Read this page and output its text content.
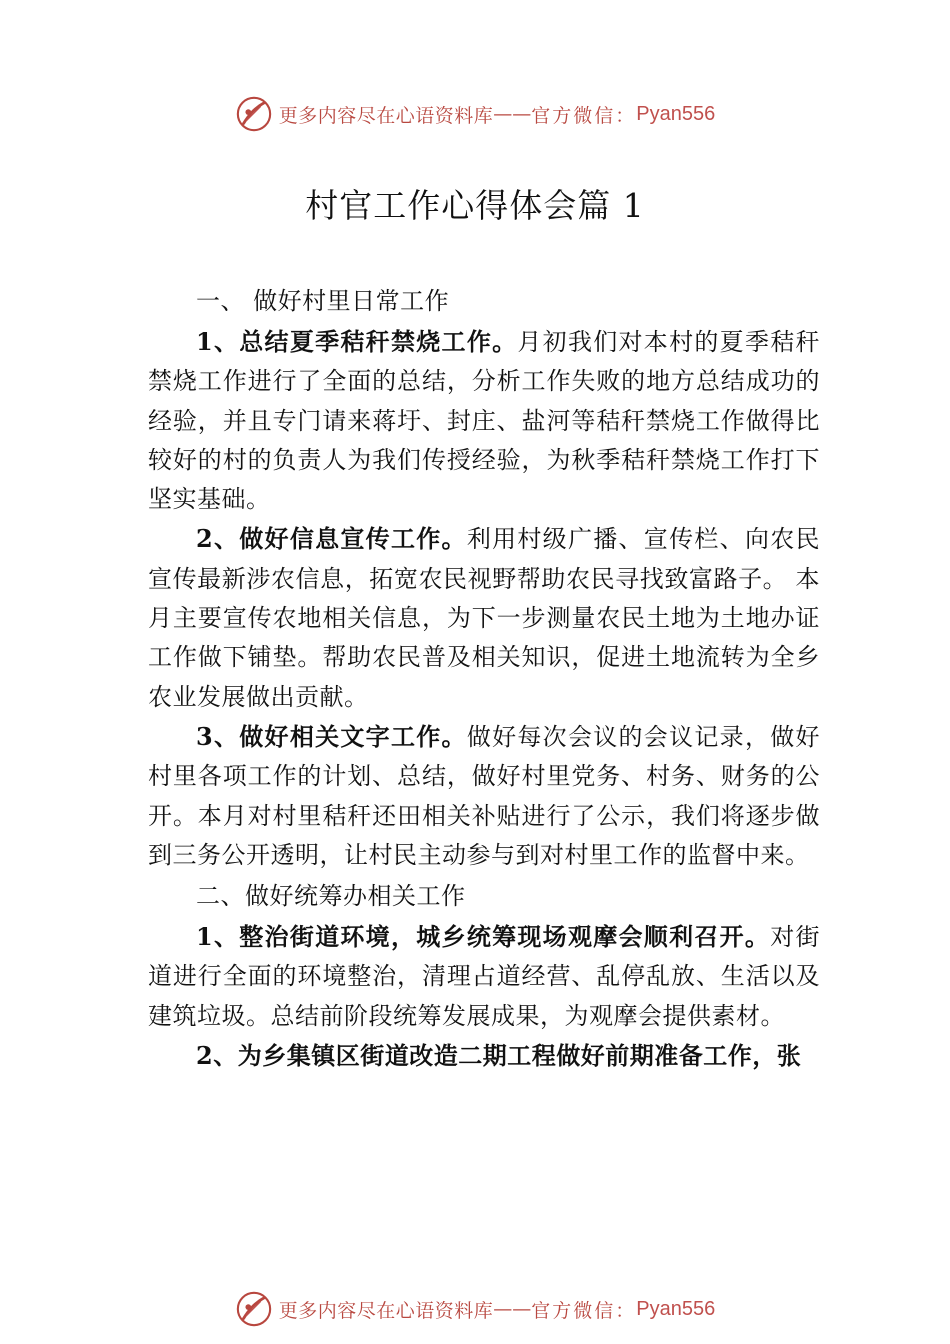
更多内容尽在心语资料库 —— 官方微信： Pyan556
村官工作心得体会篇 1

一、 做好村里日常工作

1、总结夏季秸秆禁烧工作。月初我们对本村的夏季秸秆禁烧工作进行了全面的总结，分析工作失败的地方总结成功的经验，并且专门请来蒋圩、封庄、盐河等秸秆禁烧工作做得比较好的村的负责人为我们传授经验，为秋季秸秆禁烧工作打下坚实基础。

2、做好信息宣传工作。利用村级广播、宣传栏、向农民宣传最新涉农信息，拓宽农民视野帮助农民寻找致富路子。 本月主要宣传农地相关信息，为下一步测量农民土地为土地办证工作做下铺垫。帮助农民普及相关知识，促进土地流转为全乡农业发展做出贡献。

3、做好相关文字工作。做好每次会议的会议记录，做好村里各项工作的计划、总结，做好村里党务、村务、财务的公开。本月对村里秸秆还田相关补贴进行了公示，我们将逐步做到三务公开透明，让村民主动参与到对村里工作的监督中来。

二、做好统筹办相关工作

1、整治街道环境，城乡统筹现场观摩会顺利召开。对街道进行全面的环境整治，清理占道经营、乱停乱放、生活以及建筑垃圾。总结前阶段统筹发展成果，为观摩会提供素材。

2、为乡集镇区街道改造二期工程做好前期准备工作，张

更多内容尽在心语资料库 —— 官方微信： Pyan556
